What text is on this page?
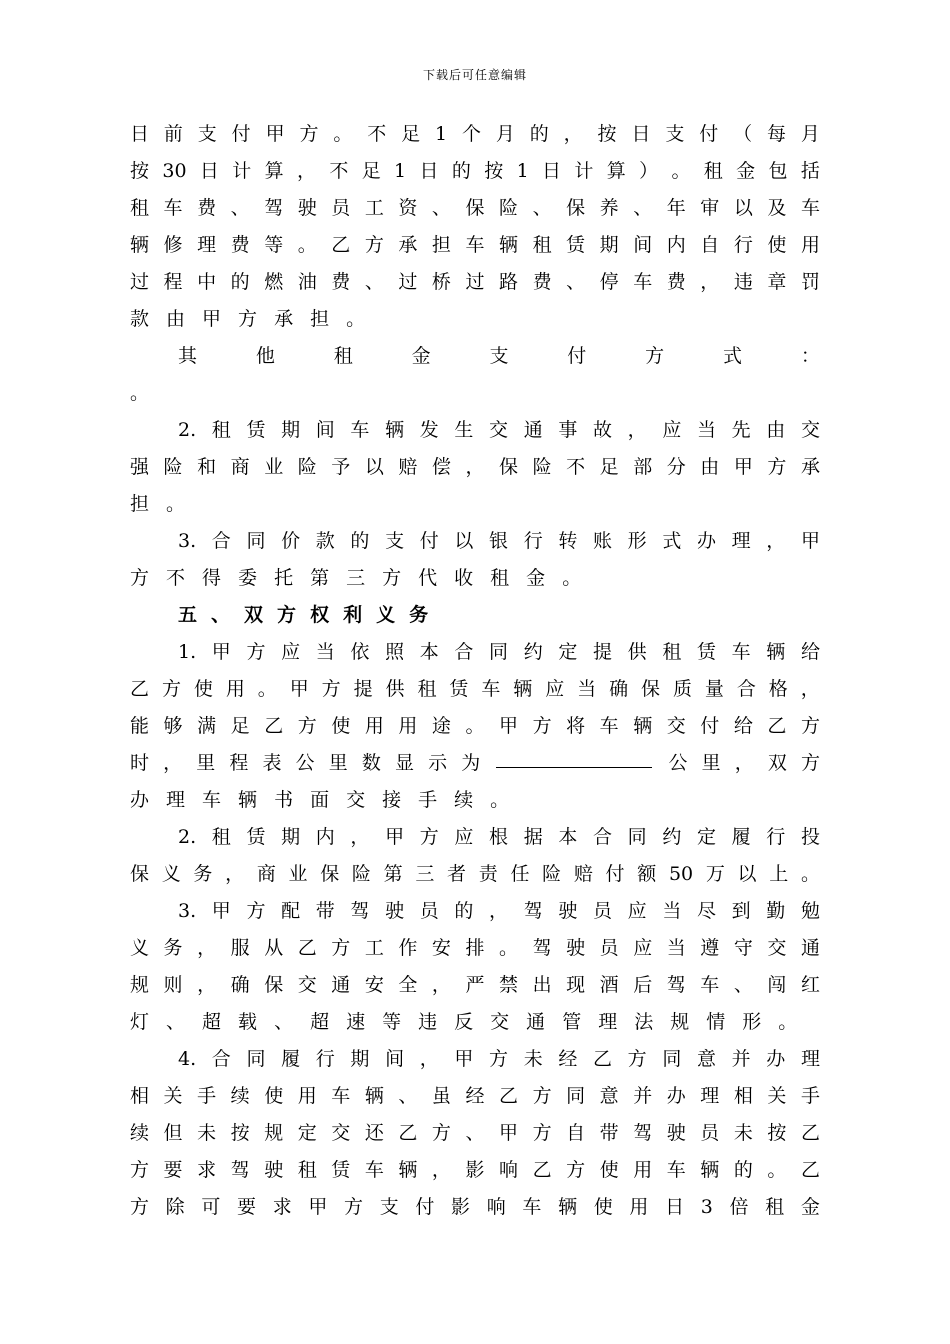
下载后可任意编辑
日 前 支 付 甲 方 。 不 足 1 个 月 的 ， 按 日 支 付 （ 每 月
按 30 日 计 算 ， 不 足 1 日 的 按 1 日 计 算 ） 。 租 金 包 括
租 车 费 、 驾 驶 员 工 资 、 保 险 、 保 养 、 年 审 以 及 车
辆 修 理 费 等 。 乙 方 承 担 车 辆 租 赁 期 间 内 自 行 使 用
过 程 中 的 燃 油 费 、 过 桥 过 路 费 、 停 车 费 ， 违 章 罚
款 由 甲 方 承 担 。
其	他	租	金	支	付	方	式	：
。
2. 租 赁 期 间 车 辆 发 生 交 通 事 故 ， 应 当 先 由 交
强 险 和 商 业 险 予 以 赔 偿 ， 保 险 不 足 部 分 由 甲 方 承
担 。
3. 合 同 价 款 的 支 付 以 银 行 转 账 形 式 办 理 ， 甲
方 不 得 委 托 第 三 方 代 收 租 金 。
五 、 双 方 权 利 义 务
1. 甲 方 应 当 依 照 本 合 同 约 定 提 供 租 赁 车 辆 给
乙 方 使 用 。 甲 方 提 供 租 赁 车 辆 应 当 确 保 质 量 合 格 ，
能 够 满 足 乙 方 使 用 用 途 。 甲 方 将 车 辆 交 付 给 乙 方
时 ， 里 程 表 公 里 数 显 示 为	公 里 ， 双 方
办 理 车 辆 书 面 交 接 手 续 。
2. 租 赁 期 内 ， 甲 方 应 根 据 本 合 同 约 定 履 行 投
保 义 务 ， 商 业 保 险 第 三 者 责 任 险 赔 付 额 50 万 以 上 。
3. 甲 方 配 带 驾 驶 员 的 ， 驾 驶 员 应 当 尽 到 勤 勉
义 务 ， 服 从 乙 方 工 作 安 排 。 驾 驶 员 应 当 遵 守 交 通
规 则 ， 确 保 交 通 安 全 ， 严 禁 出 现 酒 后 驾 车 、 闯 红
灯 、 超 载 、 超 速 等 违 反 交 通 管 理 法 规 情 形 。
4. 合 同 履 行 期 间 ， 甲 方 未 经 乙 方 同 意 并 办 理
相 关 手 续 使 用 车 辆 、 虽 经 乙 方 同 意 并 办 理 相 关 手
续 但 未 按 规 定 交 还 乙 方 、 甲 方 自 带 驾 驶 员 未 按 乙
方 要 求 驾 驶 租 赁 车 辆 ， 影 响 乙 方 使 用 车 辆 的 。 乙
方 除 可 要 求 甲 方 支 付 影 响 车 辆 使 用 日 3 倍 租 金
